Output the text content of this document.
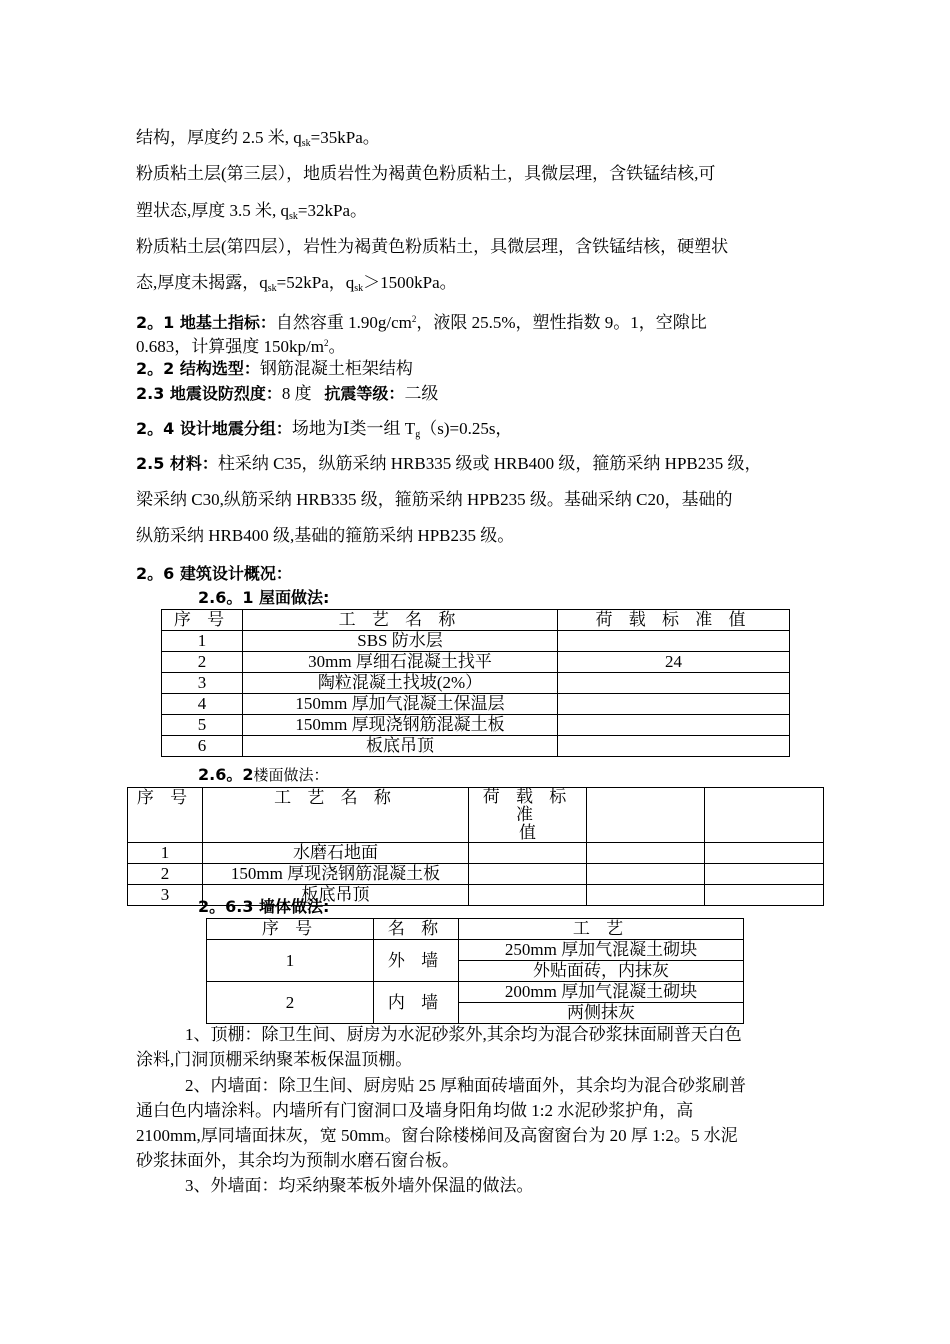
结构，厚度约 2.5 米, $q_{sk}=35kPa$。
粉质粘土层(第三层），地质岩性为褐黄色粉质粘土，具微层理，含铁锰结核,可
塑状态,厚度 3.5 米, $q_{sk}=32kPa$。
粉质粘土层(第四层），岩性为褐黄色粉质粘土，具微层理，含铁锰结核，硬塑状
态,厚度未揭露，$q_{sk}=52kPa$，$q_{sk}>1500kPa$。
2。1 地基土指标：自然容重 $1.90g/cm^2$，液限 25.5%，塑性指数 9。1，空隙比
0.683，计算强度 $150kp/m^2$。
2。2 结构选型：钢筋混凝土柜架结构
2.3 地震设防烈度：8 度 抗震等级：二级
2。4 设计地震分组：场地为Ⅰ类一组 $T_g(s)=0.25s$，
2.5 材料：柱采纳 C35，纵筋采纳 HRB335 级或 HRB400 级，箍筋采纳 HPB235 级，
梁采纳 C30,纵筋采纳 HRB335 级，箍筋采纳 HPB235 级。基础采纳 C20，基础的
纵筋采纳 HRB400 级,基础的箍筋采纳 HPB235 级。
2。6 建筑设计概况：
2.6。1 屋面做法:
序 号	工 艺 名 称	荷 载 标 准 值
1	SBS 防水层	
2	30mm 厚细石混凝土找平	24
3	陶粒混凝土找坡(2%）	
4	150mm 厚加气混凝土保温层	
5	150mm 厚现浇钢筋混凝土板	
6	板底吊顶	
2.6。2楼面做法：
序 号	工 艺 名 称	荷 载 标 准
值		

1	水磨石地面			
2	150mm 厚现浇钢筋混凝土板			
3	板底吊顶			
2。6.3 墙体做法:
序 号	名 称	工 艺
1	外 墙	250mm 厚加气混凝土砌块
		外贴面砖，内抹灰
2	内 墙	200mm 厚加气混凝土砌块
		两侧抹灰
1、顶棚：除卫生间、厨房为水泥砂浆外,其余均为混合砂浆抹面刷普天白色
涂料,门洞顶棚采纳聚苯板保温顶棚。
2、内墙面：除卫生间、厨房贴 25 厚釉面砖墙面外，其余均为混合砂浆刷普
通白色内墙涂料。内墙所有门窗洞口及墙身阳角均做 1:2 水泥砂浆护角，高
2100mm,厚同墙面抹灰，宽 50mm。窗台除楼梯间及高窗窗台为 20 厚 1:2。5 水泥
砂浆抹面外，其余均为预制水磨石窗台板。
3、外墙面：均采纳聚苯板外墙外保温的做法。
